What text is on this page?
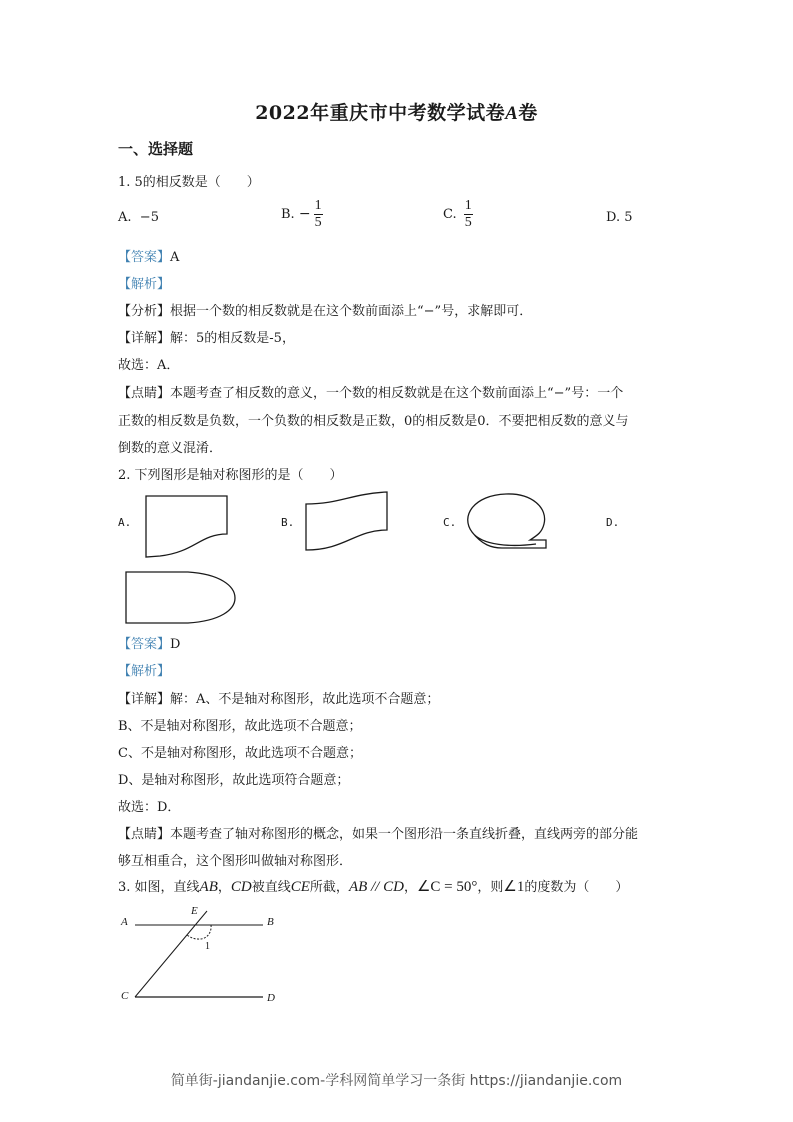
2022年重庆市中考数学试卷A卷
一、选择题
1. 5的相反数是（　　）
A. −5	B. − $\frac{1}{5}$	C. $\frac{1}{5}$	D. 5
【答案】A
【解析】
【分析】根据一个数的相反数就是在这个数前面添上“−”号，求解即可．
【详解】解：5的相反数是-5，
故选：A．
【点睛】本题考查了相反数的意义，一个数的相反数就是在这个数前面添上“−”号：一个
正数的相反数是负数，一个负数的相反数是正数，0的相反数是0．不要把相反数的意义与
倒数的意义混淆．
2. 下列图形是轴对称图形的是（　　）
A.	B.	C.	D.
【答案】D
【解析】
【详解】解：A、不是轴对称图形，故此选项不合题意；
B、不是轴对称图形，故此选项不合题意；
C、不是轴对称图形，故此选项不合题意；
D、是轴对称图形，故此选项符合题意；
故选：D．
【点睛】本题考查了轴对称图形的概念，如果一个图形沿一条直线折叠，直线两旁的部分能
够互相重合，这个图形叫做轴对称图形．
3. 如图，直线AB，CD被直线CE所截，AB // CD，∠C = 50°，则∠1的度数为（　　）
A	B
C	D
E
1
简单街-jiandanjie.com-学科网简单学习一条街 https://jiandanjie.com
